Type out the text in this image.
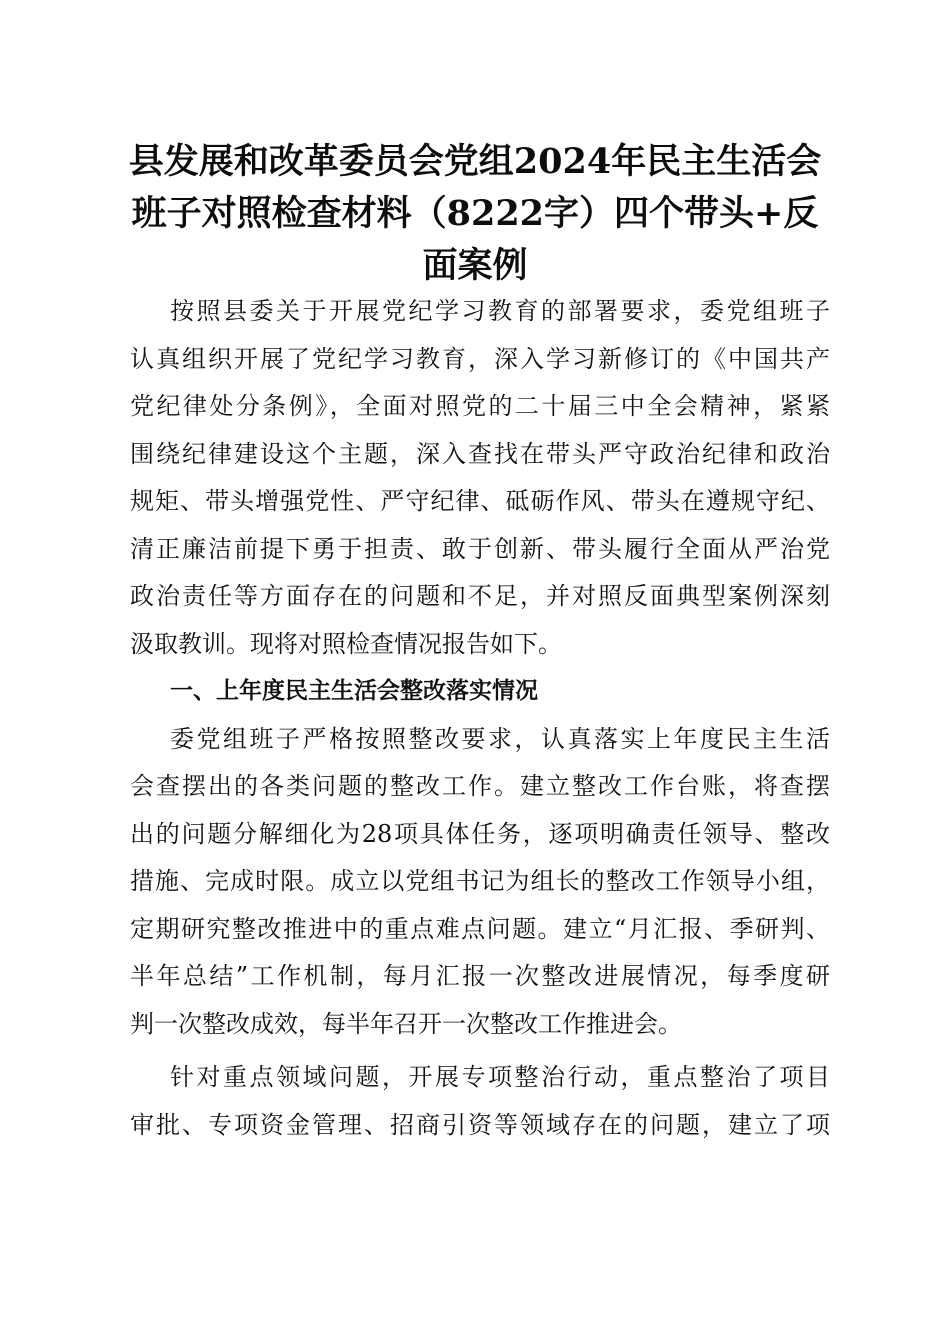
县发展和改革委员会党组2024年民主生活会
班子对照检查材料（8222字）四个带头+反
面案例

按照县委关于开展党纪学习教育的部署要求，委党组班子
认真组织开展了党纪学习教育，深入学习新修订的《中国共产
党纪律处分条例》，全面对照党的二十届三中全会精神，紧紧
围绕纪律建设这个主题，深入查找在带头严守政治纪律和政治
规矩、带头增强党性、严守纪律、砥砺作风、带头在遵规守纪、
清正廉洁前提下勇于担责、敢于创新、带头履行全面从严治党
政治责任等方面存在的问题和不足，并对照反面典型案例深刻
汲取教训。现将对照检查情况报告如下。

一、上年度民主生活会整改落实情况

委党组班子严格按照整改要求，认真落实上年度民主生活
会查摆出的各类问题的整改工作。建立整改工作台账，将查摆
出的问题分解细化为28项具体任务，逐项明确责任领导、整改
措施、完成时限。成立以党组书记为组长的整改工作领导小组，
定期研究整改推进中的重点难点问题。建立“月汇报、季研判、
半年总结”工作机制，每月汇报一次整改进展情况，每季度研
判一次整改成效，每半年召开一次整改工作推进会。

针对重点领域问题，开展专项整治行动，重点整治了项目
审批、专项资金管理、招商引资等领域存在的问题，建立了项
